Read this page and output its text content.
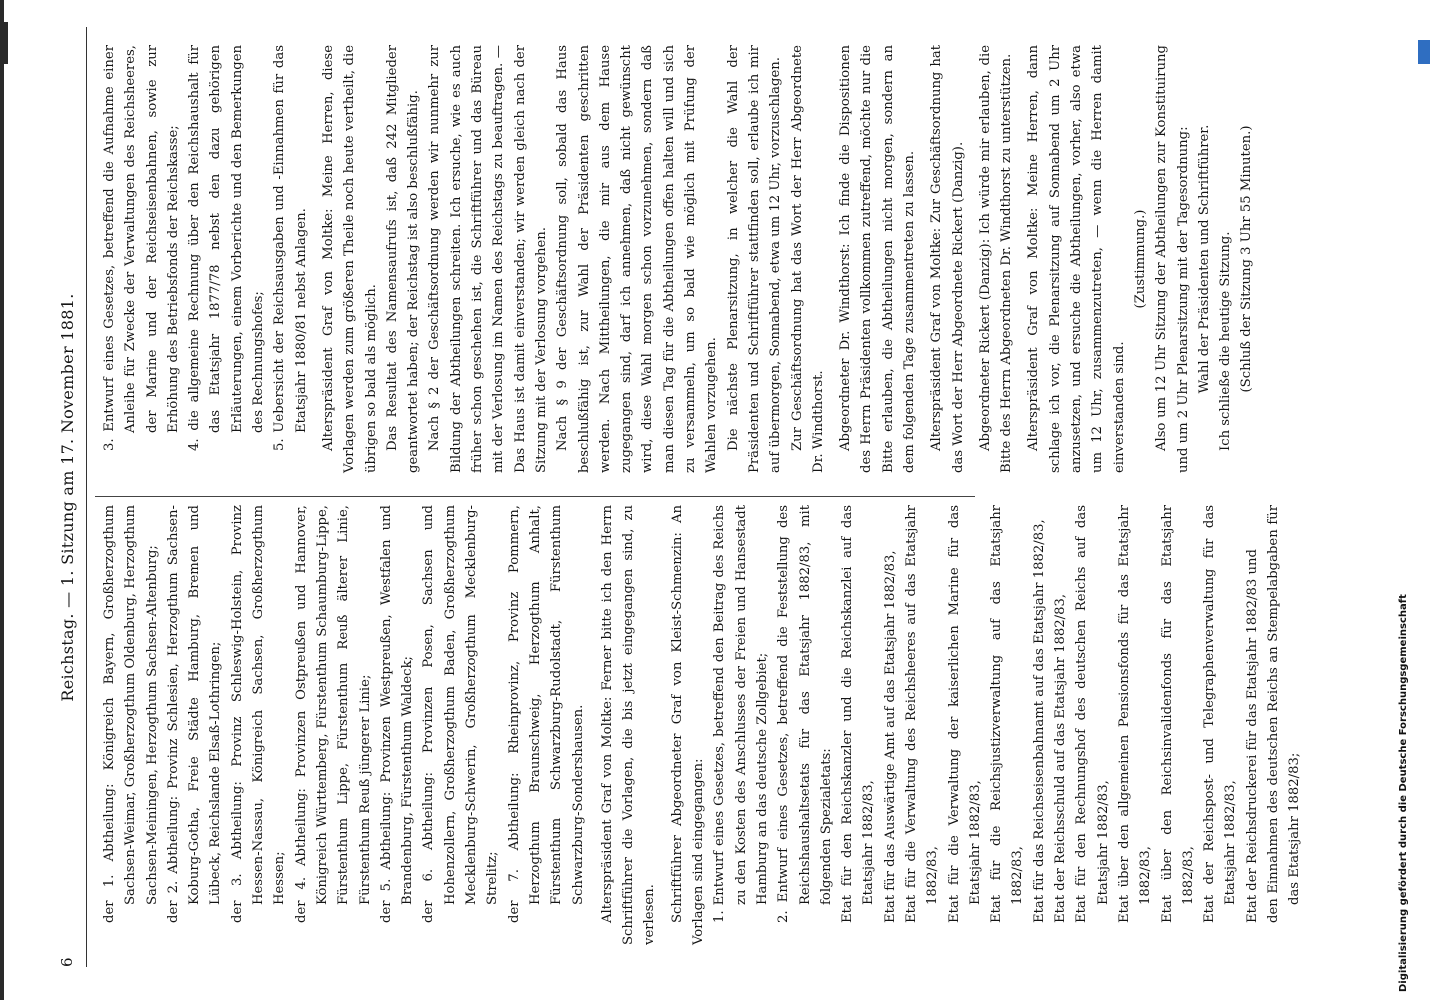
6
Reichstag. — 1. Sitzung am 17. November 1881.

der 1. Abtheilung: Königreich Bayern, Großherzogthum Sachsen-Weimar, Großherzogthum Oldenburg, Herzogthum Sachsen-Meiningen, Herzogthum Sachsen-Altenburg; der 2. Abtheilung: Provinz Schlesien, Herzogthum Sachsen-Koburg-Gotha, Freie Städte Hamburg, Bremen und Lübeck, Reichslande Elsaß-Lothringen; der 3. Abtheilung: Provinz Schleswig-Holstein, Provinz Hessen-Nassau, Königreich Sachsen, Großherzogthum Hessen; der 4. Abtheilung: Provinzen Ostpreußen und Hannover, Königreich Württemberg, Fürstenthum Schaumburg-Lippe, Fürstenthum Lippe, Fürstenthum Reuß älterer Linie, Fürstenthum Reuß jüngerer Linie; der 5. Abtheilung: Provinzen Westpreußen, Westfalen und Brandenburg, Fürstenthum Waldeck; der 6. Abtheilung: Provinzen Posen, Sachsen und Hohenzollern, Großherzogthum Baden, Großherzogthum Mecklenburg-Schwerin, Großherzogthum Mecklenburg-Strelitz; der 7. Abtheilung: Rheinprovinz, Provinz Pommern, Herzogthum Braunschweig, Herzogthum Anhalt, Fürstenthum Schwarzburg-Rudolstadt, Fürstenthum Schwarzburg-Sondershausen. Alterspräsident Graf von Moltke: Ferner bitte ich den Herrn Schriftführer die Vorlagen, die bis jetzt eingegangen sind, zu verlesen. Schriftführer Abgeordneter Graf von Kleist-Schmenzin: An Vorlagen sind eingegangen: 1. Entwurf eines Gesetzes, betreffend den Beitrag des Reichs zu den Kosten des Anschlusses der Freien und Hansestadt Hamburg an das deutsche Zollgebiet; 2. Entwurf eines Gesetzes, betreffend die Feststellung des Reichshaushaltsetats für das Etatsjahr 1882/83, mit folgenden Spezialetats: Etat für den Reichskanzler und die Reichskanzlei auf das Etatsjahr 1882/83, Etat für das Auswärtige Amt auf das Etatsjahr 1882/83, Etat für die Verwaltung des Reichsheeres auf das Etatsjahr 1882/83, Etat für die Verwaltung der kaiserlichen Marine für das Etatsjahr 1882/83, Etat für die Reichsjustizverwaltung auf das Etatsjahr 1882/83, Etat für das Reichseisenbahnamt auf das Etatsjahr 1882/83, Etat der Reichsschuld auf das Etatsjahr 1882/83, Etat für den Rechnungshof des deutschen Reichs auf das Etatsjahr 1882/83, Etat über den allgemeinen Pensionsfonds für das Etatsjahr 1882/83, Etat über den Reichsinvalidenfonds für das Etatsjahr 1882/83, Etat der Reichspost- und Telegraphenverwaltung für das Etatsjahr 1882/83, Etat der Reichsdruckerei für das Etatsjahr 1882/83 und den Einnahmen des deutschen Reichs an Stempelabgaben für das Etatsjahr 1882/83;

3. Entwurf eines Gesetzes, betreffend die Aufnahme einer Anleihe für Zwecke der Verwaltungen des Reichsheeres, der Marine und der Reichseisenbahnen, sowie zur Erhöhung des Betriebsfonds der Reichskasse; 4. die allgemeine Rechnung über den Reichshaushalt für das Etatsjahr 1877/78 nebst den dazu gehörigen Erläuterungen, einem Vorberichte und den Bemerkungen des Rechnungshofes; 5. Uebersicht der Reichsausgaben und -Einnahmen für das Etatsjahr 1880/81 nebst Anlagen. Alterspräsident Graf von Moltke: Meine Herren, diese Vorlagen werden zum größeren Theile noch heute vertheilt, die übrigen so bald als möglich. Das Resultat des Namensaufrufs ist, daß 242 Mitglieder geantwortet haben; der Reichstag ist also beschlußfähig. Nach § 2 der Geschäftsordnung werden wir nunmehr zur Bildung der Abtheilungen schreiten. Ich ersuche, wie es auch früher schon geschehen ist, die Schriftführer und das Büreau mit der Verlosung im Namen des Reichstags zu beauftragen. — Das Haus ist damit einverstanden; wir werden gleich nach der Sitzung mit der Verlosung vorgehen. Nach § 9 der Geschäftsordnung soll, sobald das Haus beschlußfähig ist, zur Wahl der Präsidenten geschritten werden. Nach Mittheilungen, die mir aus dem Hause zugegangen sind, darf ich annehmen, daß nicht gewünscht wird, diese Wahl morgen schon vorzunehmen, sondern daß man diesen Tag für die Abtheilungen offen halten will und sich zu versammeln, um so bald wie möglich mit Prüfung der Wahlen vorzugehen. Die nächste Plenarsitzung, in welcher die Wahl der Präsidenten und Schriftführer stattfinden soll, erlaube ich mir auf übermorgen, Sonnabend, etwa um 12 Uhr, vorzuschlagen. Zur Geschäftsordnung hat das Wort der Herr Abgeordnete Dr. Windthorst. Abgeordneter Dr. Windthorst: Ich finde die Dispositionen des Herrn Präsidenten vollkommen zutreffend, möchte nur die Bitte erlauben, die Abtheilungen nicht morgen, sondern an dem folgenden Tage zusammentreten zu lassen. Alterspräsident Graf von Moltke: Zur Geschäftsordnung hat das Wort der Herr Abgeordnete Rickert (Danzig). Abgeordneter Rickert (Danzig): Ich würde mir erlauben, die Bitte des Herrn Abgeordneten Dr. Windthorst zu unterstützen. Alterspräsident Graf von Moltke: Meine Herren, dann schlage ich vor, die Plenarsitzung auf Sonnabend um 2 Uhr anzusetzen, und ersuche die Abtheilungen, vorher, also etwa um 12 Uhr, zusammenzutreten, — wenn die Herren damit einverstanden sind.

(Zustimmung.) Also um 12 Uhr Sitzung der Abtheilungen zur Konstituirung und um 2 Uhr Plenarsitzung mit der Tagesordnung: Wahl der Präsidenten und Schriftführer. Ich schließe die heutige Sitzung. (Schluß der Sitzung 3 Uhr 55 Minuten.)

Digitalisierung gefördert durch die Deutsche Forschungsgemeinschaft
